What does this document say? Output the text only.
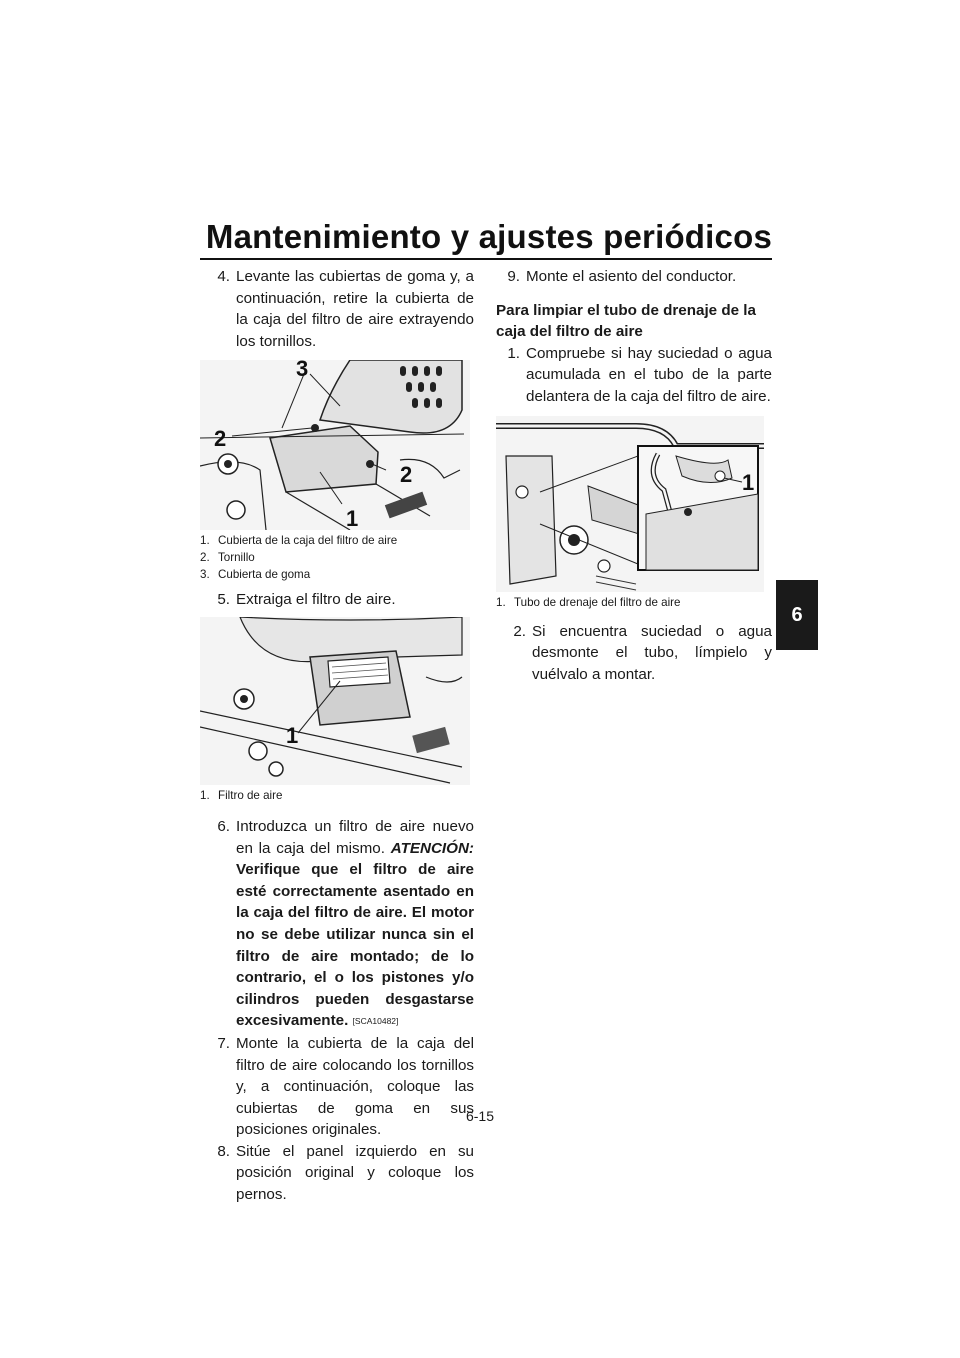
Mantenimiento y ajustes periódicos
6
4. Levante las cubiertas de goma y, a continuación, retire la cubierta de la caja del filtro de aire extrayendo los tornillos.
3
2
2
1
1. Cubierta de la caja del filtro de aire
2. Tornillo
3. Cubierta de goma
5. Extraiga el filtro de aire.
1
1. Filtro de aire
6. Introduzca un filtro de aire nuevo en la caja del mismo. ATENCIÓN: Verifique que el filtro de aire esté correctamente asentado en la caja del filtro de aire. El motor no se debe utilizar nunca sin el filtro de aire montado; de lo contrario, el o los pistones y/o cilindros pueden desgastarse excesivamente. [SCA10482]
7. Monte la cubierta de la caja del filtro de aire colocando los tornillos y, a continuación, coloque las cubiertas de goma en sus posiciones originales.
8. Sitúe el panel izquierdo en su posición original y coloque los pernos.
9. Monte el asiento del conductor.
Para limpiar el tubo de drenaje de la caja del filtro de aire
1. Compruebe si hay suciedad o agua acumulada en el tubo de la parte delantera de la caja del filtro de aire.
1
1. Tubo de drenaje del filtro de aire
2. Si encuentra suciedad o agua desmonte el tubo, límpielo y vuélvalo a montar.
6-15
